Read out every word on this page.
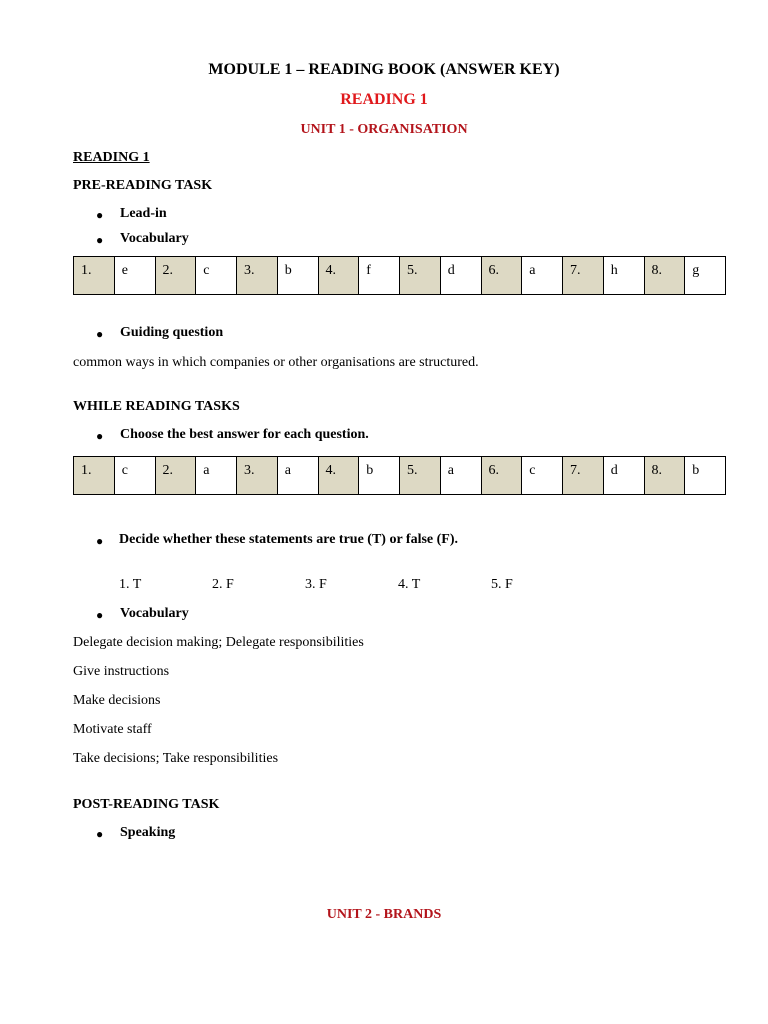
MODULE 1 – READING BOOK (ANSWER KEY)
READING 1
UNIT 1 - ORGANISATION
READING 1
PRE-READING TASK
● Lead-in
● Vocabulary
1.	e	2.	c	3.	b	4.	f	5.	d	6.	a	7.	h	8.	g
● Guiding question
common ways in which companies or other organisations are structured.
WHILE READING TASKS
● Choose the best answer for each question.
1.	c	2.	a	3.	a	4.	b	5.	a	6.	c	7.	d	8.	b
● Decide whether these statements are true (T) or false (F).
1. T	2. F	3. F	4. T	5. F
● Vocabulary
Delegate decision making; Delegate responsibilities
Give instructions
Make decisions
Motivate staff
Take decisions; Take responsibilities
POST-READING TASK
● Speaking
UNIT 2 - BRANDS
